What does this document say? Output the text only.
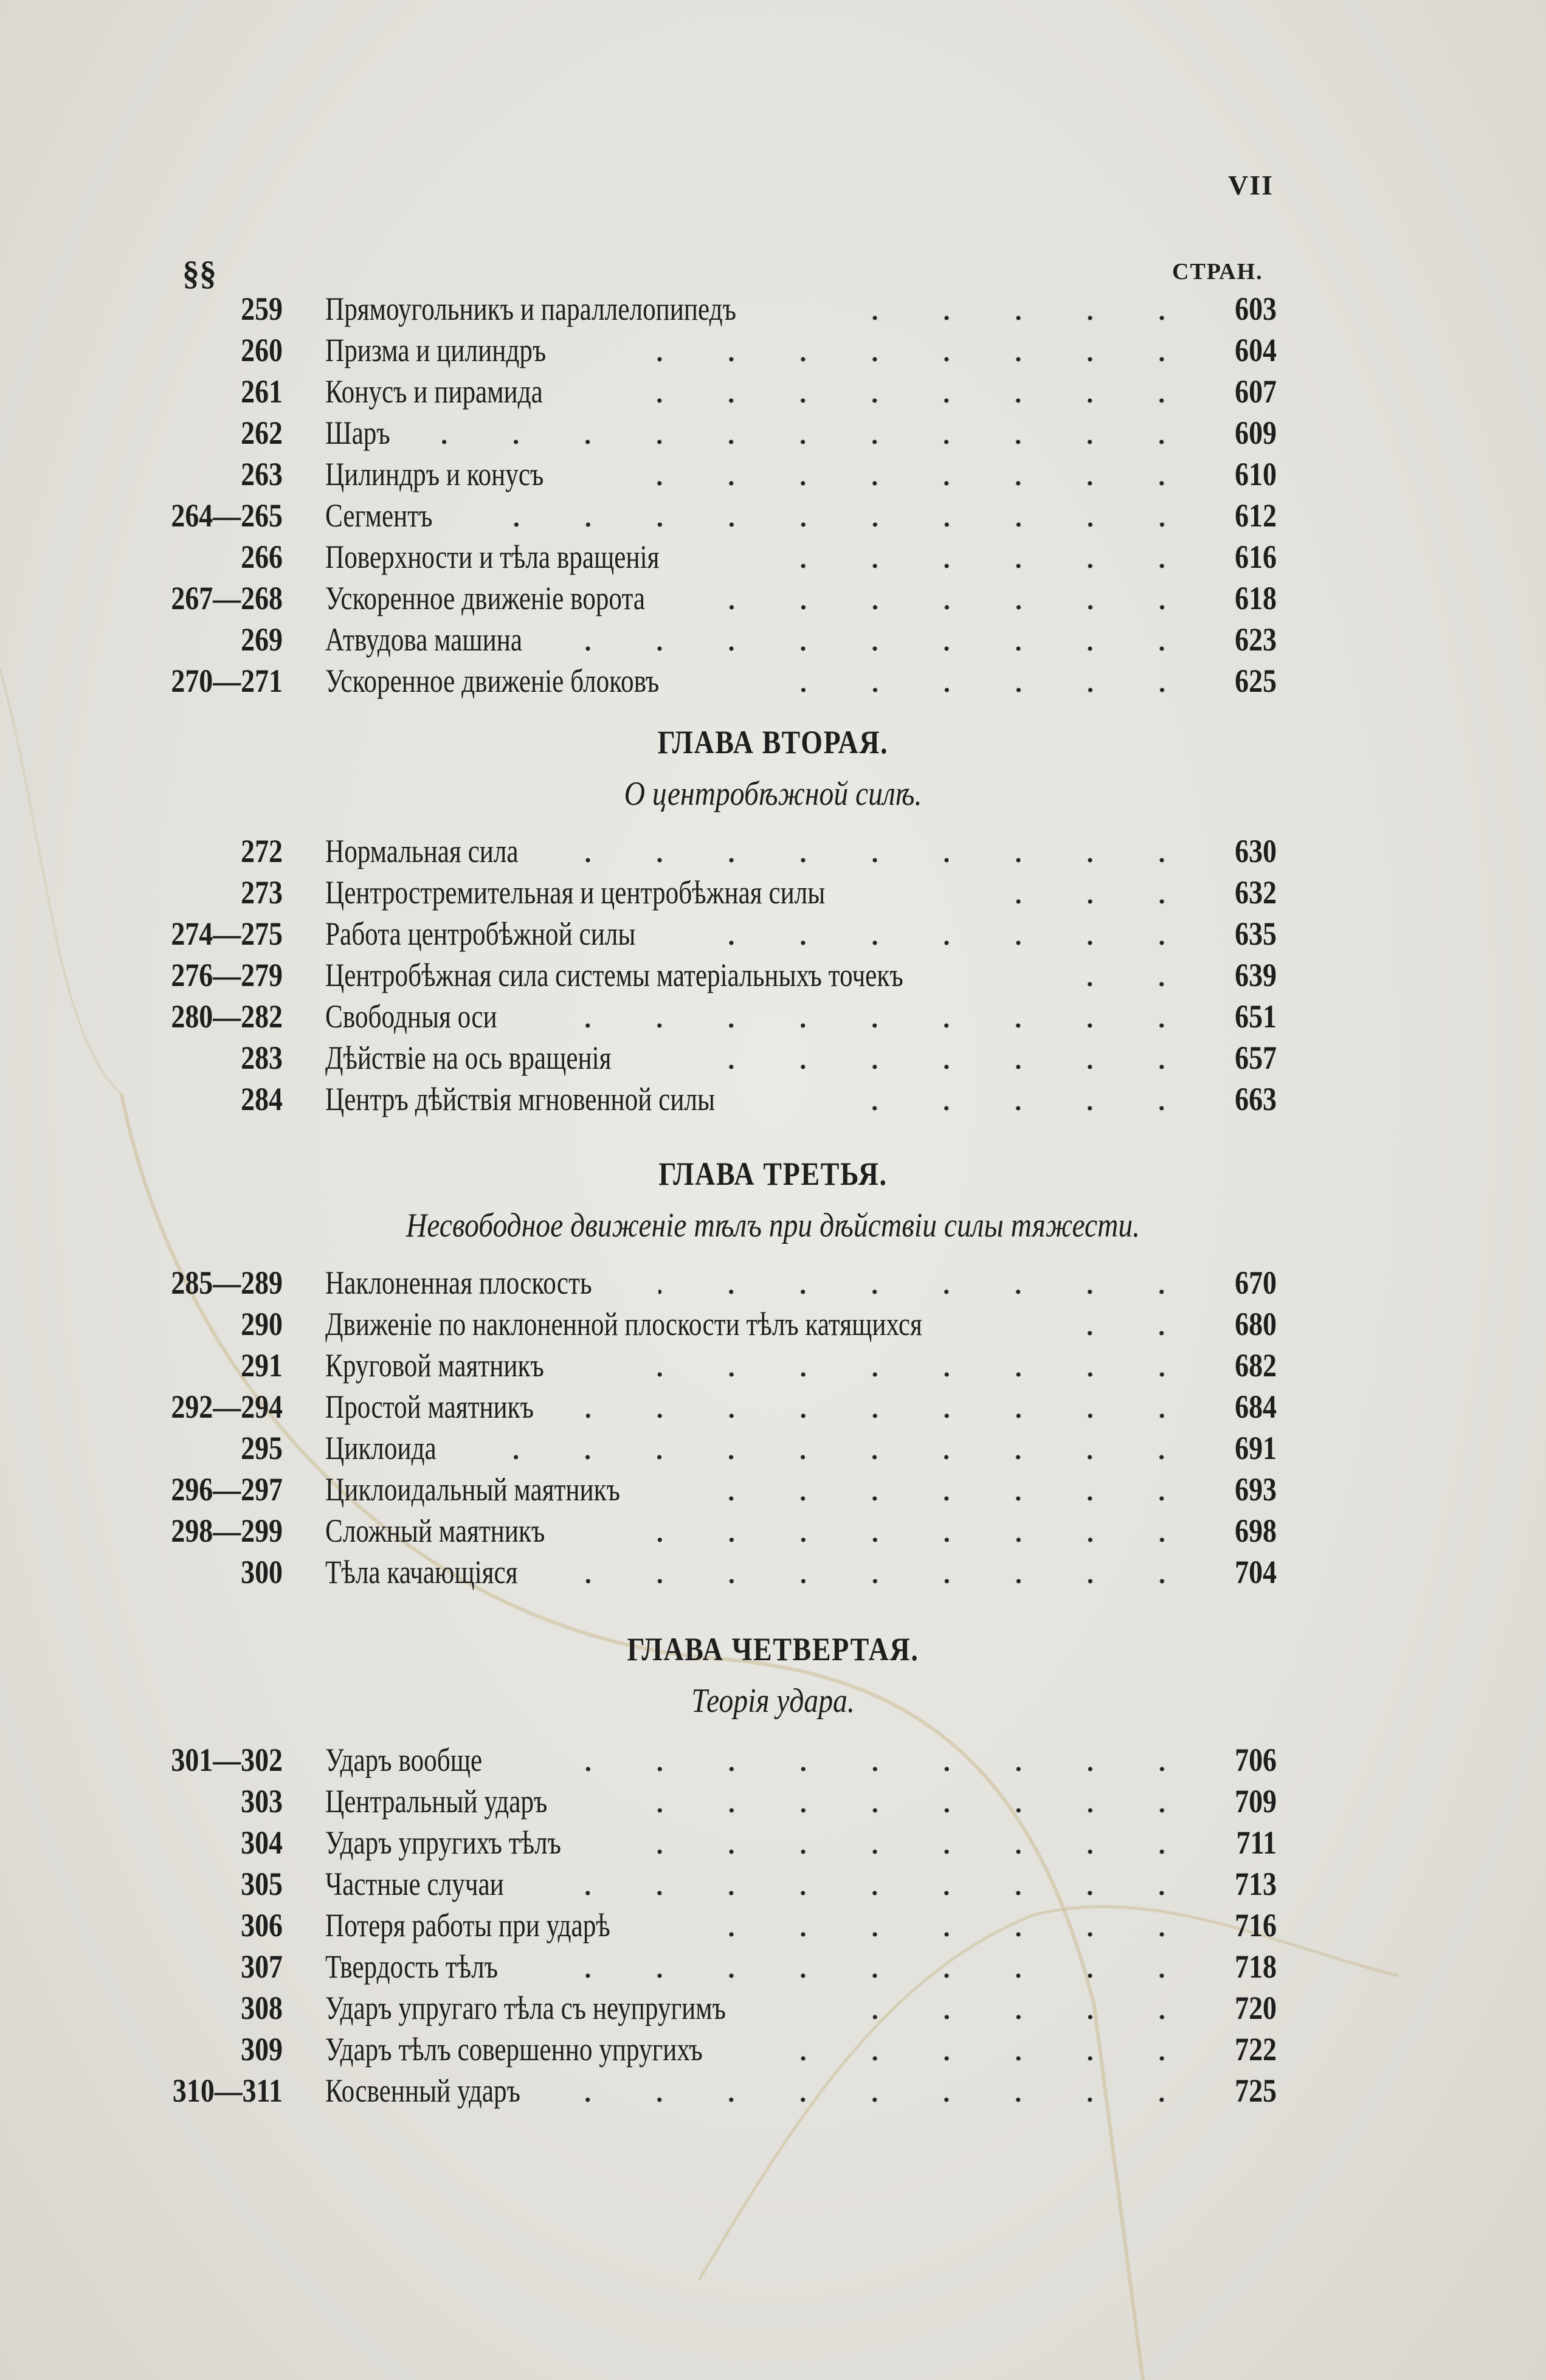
VII
§§	СТРАН.
259 Прямоугольникъ и параллелопипедъ	603
260 Призма и цилиндръ	604
261 Конусъ и пирамида	607
262 Шаръ	609
263 Цилиндръ и конусъ	610
264—265 Сегментъ	612
266 Поверхности и тѣла вращенія	616
267—268 Ускоренное движеніе ворота	618
269 Атвудова машина	623
270—271 Ускоренное движеніе блоковъ	625
ГЛАВА ВТОРАЯ.
О центробѣжной силѣ.
272 Нормальная сила	630
273 Центростремительная и центробѣжная силы	632
274—275 Работа центробѣжной силы	635
276—279 Центробѣжная сила системы матеріальныхъ точекъ	639
280—282 Свободныя оси	651
283 Дѣйствіе на ось вращенія	657
284 Центръ дѣйствія мгновенной силы	663
ГЛАВА ТРЕТЬЯ.
Несвободное движеніе тѣлъ при дѣйствіи силы тяжести.
285—289 Наклоненная плоскость	670
290 Движеніе по наклоненной плоскости тѣлъ катящихся	680
291 Круговой маятникъ	682
292—294 Простой маятникъ	684
295 Циклоида	691
296—297 Циклоидальный маятникъ	693
298—299 Сложный маятникъ	698
300 Тѣла качающіяся	704
ГЛАВА ЧЕТВЕРТАЯ.
Теорія удара.
301—302 Ударъ вообще	706
303 Центральный ударъ	709
304 Ударъ упругихъ тѣлъ	711
305 Частные случаи	713
306 Потеря работы при ударѣ	716
307 Твердость тѣлъ	718
308 Ударъ упругаго тѣла съ неупругимъ	720
309 Ударъ тѣлъ совершенно упругихъ	722
310—311 Косвенный ударъ	725
